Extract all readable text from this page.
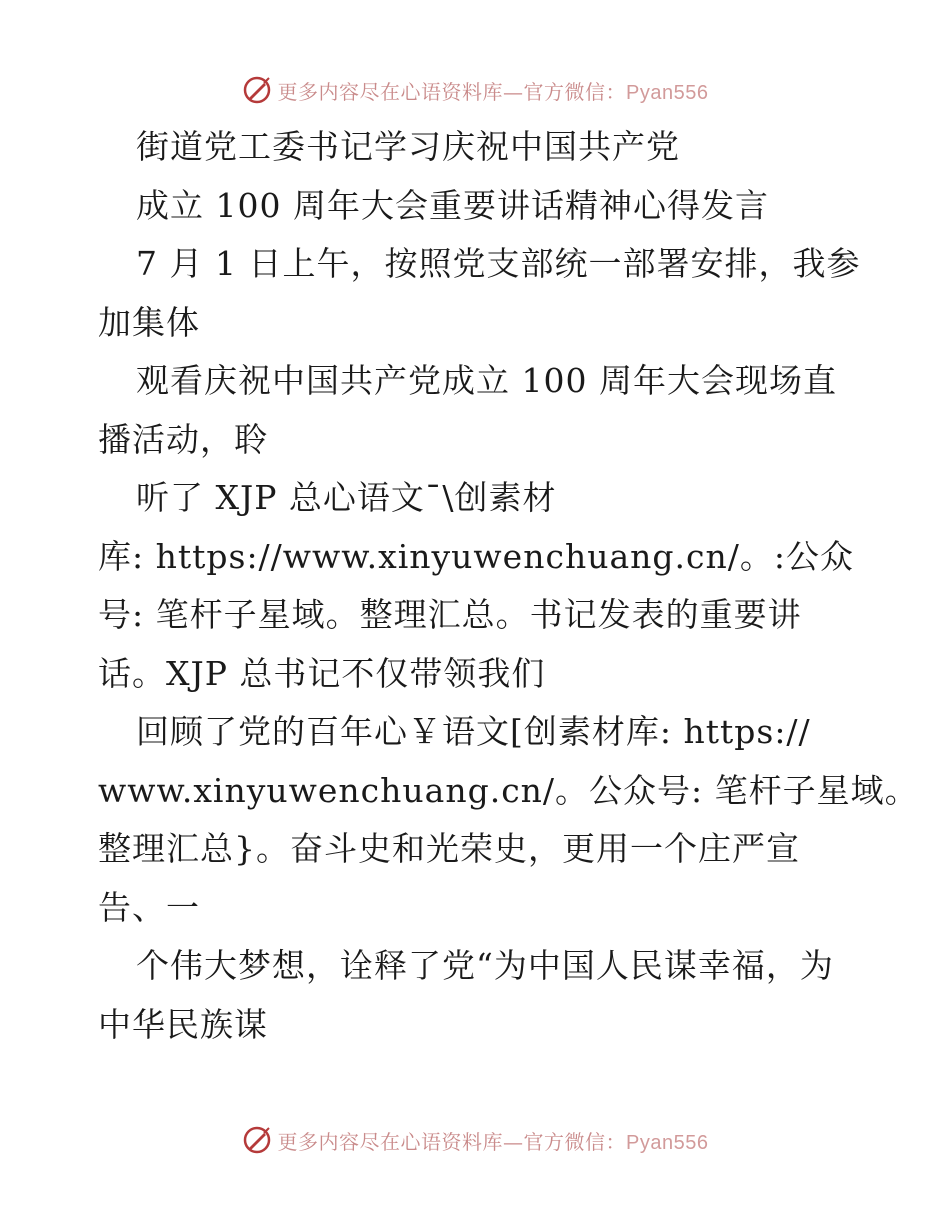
更多内容尽在心语资料库—官方微信：Pyan556
街道党工委书记学习庆祝中国共产党
成立 100 周年大会重要讲话精神心得发言
7 月 1 日上午，按照党支部统一部署安排，我参
加集体
观看庆祝中国共产党成立 100 周年大会现场直
播活动，聆
听了 XJP 总心语文¯\创素材
库: https://www.xinyuwenchuang.cn/。:公众
号: 笔杆子星域。整理汇总。书记发表的重要讲
话。XJP 总书记不仅带领我们
回顾了党的百年心￥语文[创素材库: https://
www.xinyuwenchuang.cn/。公众号: 笔杆子星域。
整理汇总}。奋斗史和光荣史，更用一个庄严宣
告、一
个伟大梦想，诠释了党“为中国人民谋幸福，为
中华民族谋
更多内容尽在心语资料库—官方微信：Pyan556
